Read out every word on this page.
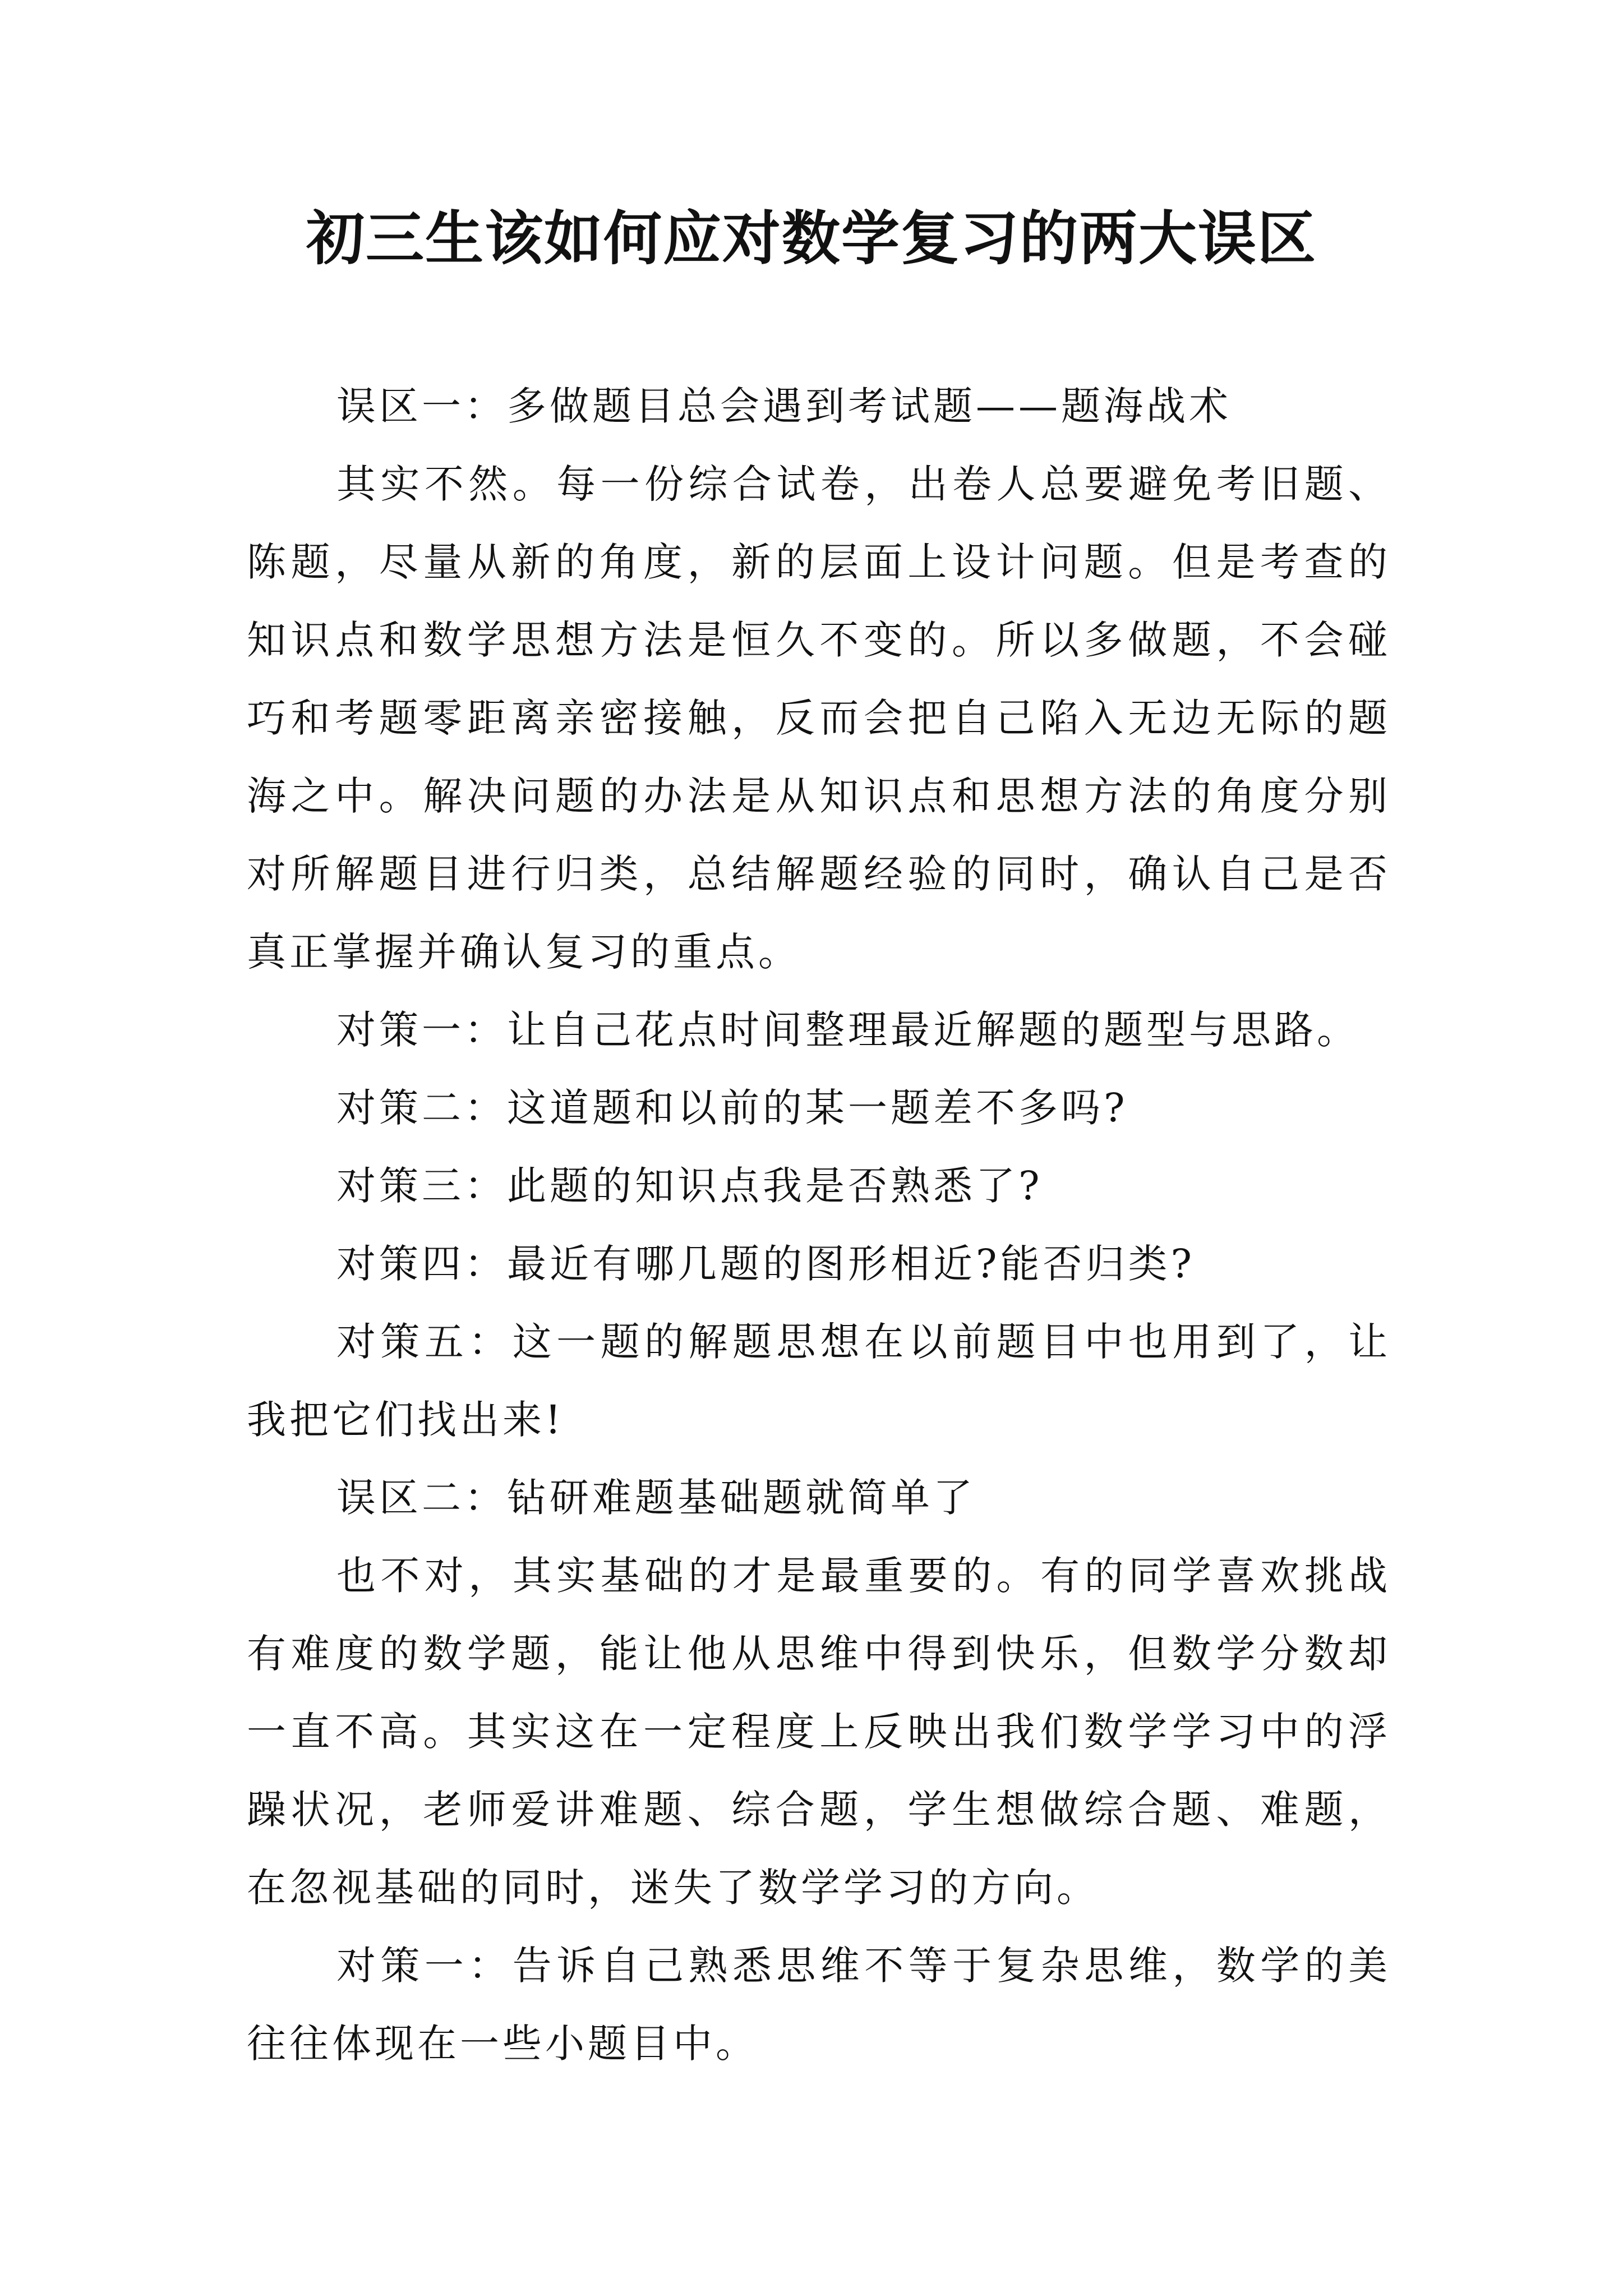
初三生该如何应对数学复习的两大误区

误区一：多做题目总会遇到考试题——题海战术

其实不然。每一份综合试卷，出卷人总要避免考旧题、陈题，尽量从新的角度，新的层面上设计问题。但是考查的知识点和数学思想方法是恒久不变的。所以多做题，不会碰巧和考题零距离亲密接触，反而会把自己陷入无边无际的题海之中。解决问题的办法是从知识点和思想方法的角度分别对所解题目进行归类，总结解题经验的同时，确认自己是否真正掌握并确认复习的重点。

对策一：让自己花点时间整理最近解题的题型与思路。

对策二：这道题和以前的某一题差不多吗?

对策三：此题的知识点我是否熟悉了?

对策四：最近有哪几题的图形相近?能否归类?

对策五：这一题的解题思想在以前题目中也用到了，让我把它们找出来!

误区二：钻研难题基础题就简单了

也不对，其实基础的才是最重要的。有的同学喜欢挑战有难度的数学题，能让他从思维中得到快乐，但数学分数却一直不高。其实这在一定程度上反映出我们数学学习中的浮躁状况，老师爱讲难题、综合题，学生想做综合题、难题，在忽视基础的同时，迷失了数学学习的方向。

对策一：告诉自己熟悉思维不等于复杂思维，数学的美往往体现在一些小题目中。
